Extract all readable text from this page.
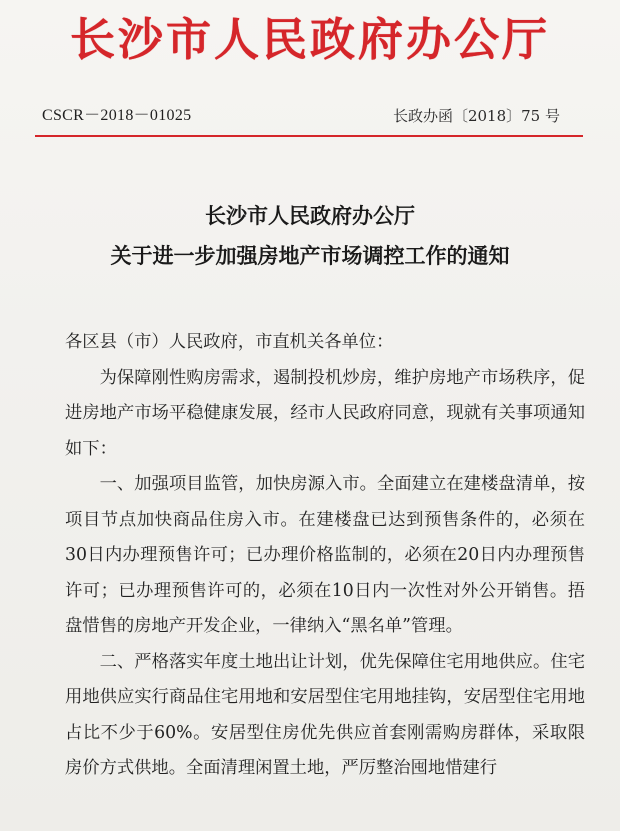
长沙市人民政府办公厅
CSCR－2018－01025	长政办函〔2018〕75 号
长沙市人民政府办公厅
关于进一步加强房地产市场调控工作的通知

各区县（市）人民政府，市直机关各单位：

为保障刚性购房需求，遏制投机炒房，维护房地产市场秩序，促进房地产市场平稳健康发展，经市人民政府同意，现就有关事项通知如下：

一、加强项目监管，加快房源入市。全面建立在建楼盘清单，按项目节点加快商品住房入市。在建楼盘已达到预售条件的，必须在30日内办理预售许可；已办理价格监制的，必须在20日内办理预售许可；已办理预售许可的，必须在10日内一次性对外公开销售。捂盘惜售的房地产开发企业，一律纳入“黑名单”管理。

二、严格落实年度土地出让计划，优先保障住宅用地供应。住宅用地供应实行商品住宅用地和安居型住宅用地挂钩，安居型住宅用地占比不少于60%。安居型住房优先供应首套刚需购房群体，采取限房价方式供地。全面清理闲置土地，严厉整治囤地惜建行
